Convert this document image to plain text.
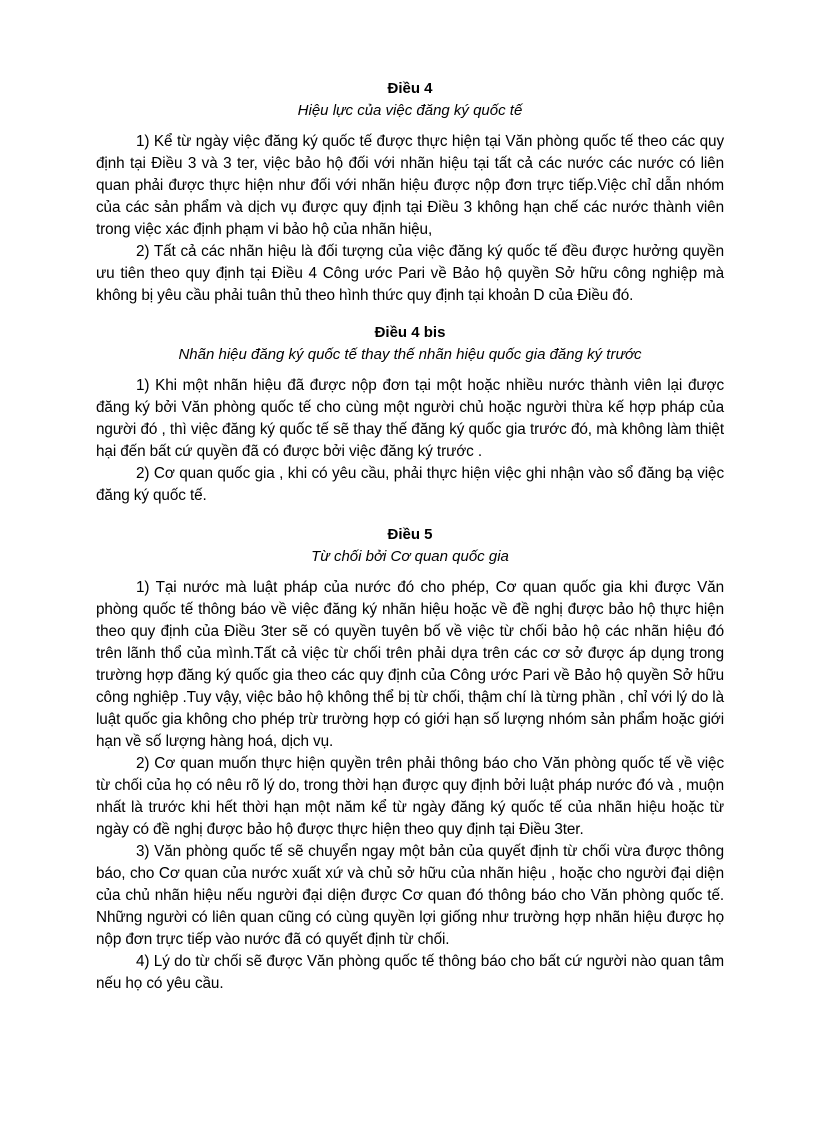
Điều 4

Hiệu lực của việc đăng ký quốc tế

1) Kể từ ngày việc đăng ký quốc tế được thực hiện tại Văn phòng quốc tế theo các quy định tại Điều 3 và 3 ter, việc bảo hộ đối với nhãn hiệu tại tất cả các nước các nước có liên quan phải được thực hiện như đối với nhãn hiệu được nộp đơn trực tiếp.Việc chỉ dẫn nhóm của các sản phẩm và dịch vụ được quy định tại Điều 3 không hạn chế các nước thành viên trong việc xác định phạm vi bảo hộ của nhãn hiệu,

2) Tất cả các nhãn hiệu là đối tượng của việc đăng ký quốc tế đều được hưởng quyền ưu tiên theo quy định tại Điều 4 Công ước Pari về Bảo hộ quyền Sở hữu công nghiệp mà không bị yêu cầu phải tuân thủ theo hình thức quy định tại khoản D của Điều đó.

Điều 4 bis

Nhãn hiệu đăng ký quốc tế thay thế nhãn hiệu quốc gia đăng ký trước

1) Khi một nhãn hiệu đã được nộp đơn tại một hoặc nhiều nước thành viên lại được đăng ký bởi Văn phòng quốc tế cho cùng một người chủ hoặc người thừa kế hợp pháp của người đó , thì việc đăng ký quốc tế sẽ thay thế đăng ký quốc gia trước đó, mà không làm thiệt hại đến bất cứ quyền đã có được bởi việc đăng ký trước .

2) Cơ quan quốc gia , khi có yêu cầu, phải thực hiện việc ghi nhận vào sổ đăng bạ việc đăng ký quốc tế.

Điều 5

Từ chối bởi Cơ quan quốc gia

1) Tại nước mà luật pháp của nước đó cho phép, Cơ quan quốc gia khi được Văn phòng quốc tế thông báo về việc đăng ký nhãn hiệu hoặc về đề nghị được bảo hộ thực hiện theo quy định của Điều 3ter sẽ có quyền tuyên bố về việc từ chối bảo hộ các nhãn hiệu đó trên lãnh thổ của mình.Tất cả việc từ chối trên phải dựa trên các cơ sở được áp dụng trong trường hợp đăng ký quốc gia theo các quy định của Công ước Pari về Bảo hộ quyền Sở hữu công nghiệp .Tuy vậy, việc bảo hộ không thể bị từ chối, thậm chí là từng phần , chỉ với lý do là luật quốc gia không cho phép trừ trường hợp có giới hạn số lượng nhóm sản phẩm hoặc giới hạn về số lượng hàng hoá, dịch vụ.

2) Cơ quan muốn thực hiện quyền trên phải thông báo cho Văn phòng quốc tế về việc từ chối của họ có nêu rõ lý do, trong thời hạn được quy định bởi luật pháp nước đó và , muộn nhất là trước khi hết thời hạn một năm kể từ ngày đăng ký quốc tế của nhãn hiệu hoặc từ ngày có đề nghị được bảo hộ được thực hiện theo quy định tại Điều 3ter.

3) Văn phòng quốc tế sẽ chuyển ngay một bản của quyết định từ chối vừa được thông báo, cho Cơ quan của nước xuất xứ và chủ sở hữu của nhãn hiệu , hoặc cho người đại diện của chủ nhãn hiệu nếu người đại diện được Cơ quan đó thông báo cho Văn phòng quốc tế. Những người có liên quan cũng có cùng quyền lợi giống như trường hợp nhãn hiệu được họ nộp đơn trực tiếp vào nước đã có quyết định từ chối.

4) Lý do từ chối sẽ được Văn phòng quốc tế thông báo cho bất cứ người nào quan tâm nếu họ có yêu cầu.
